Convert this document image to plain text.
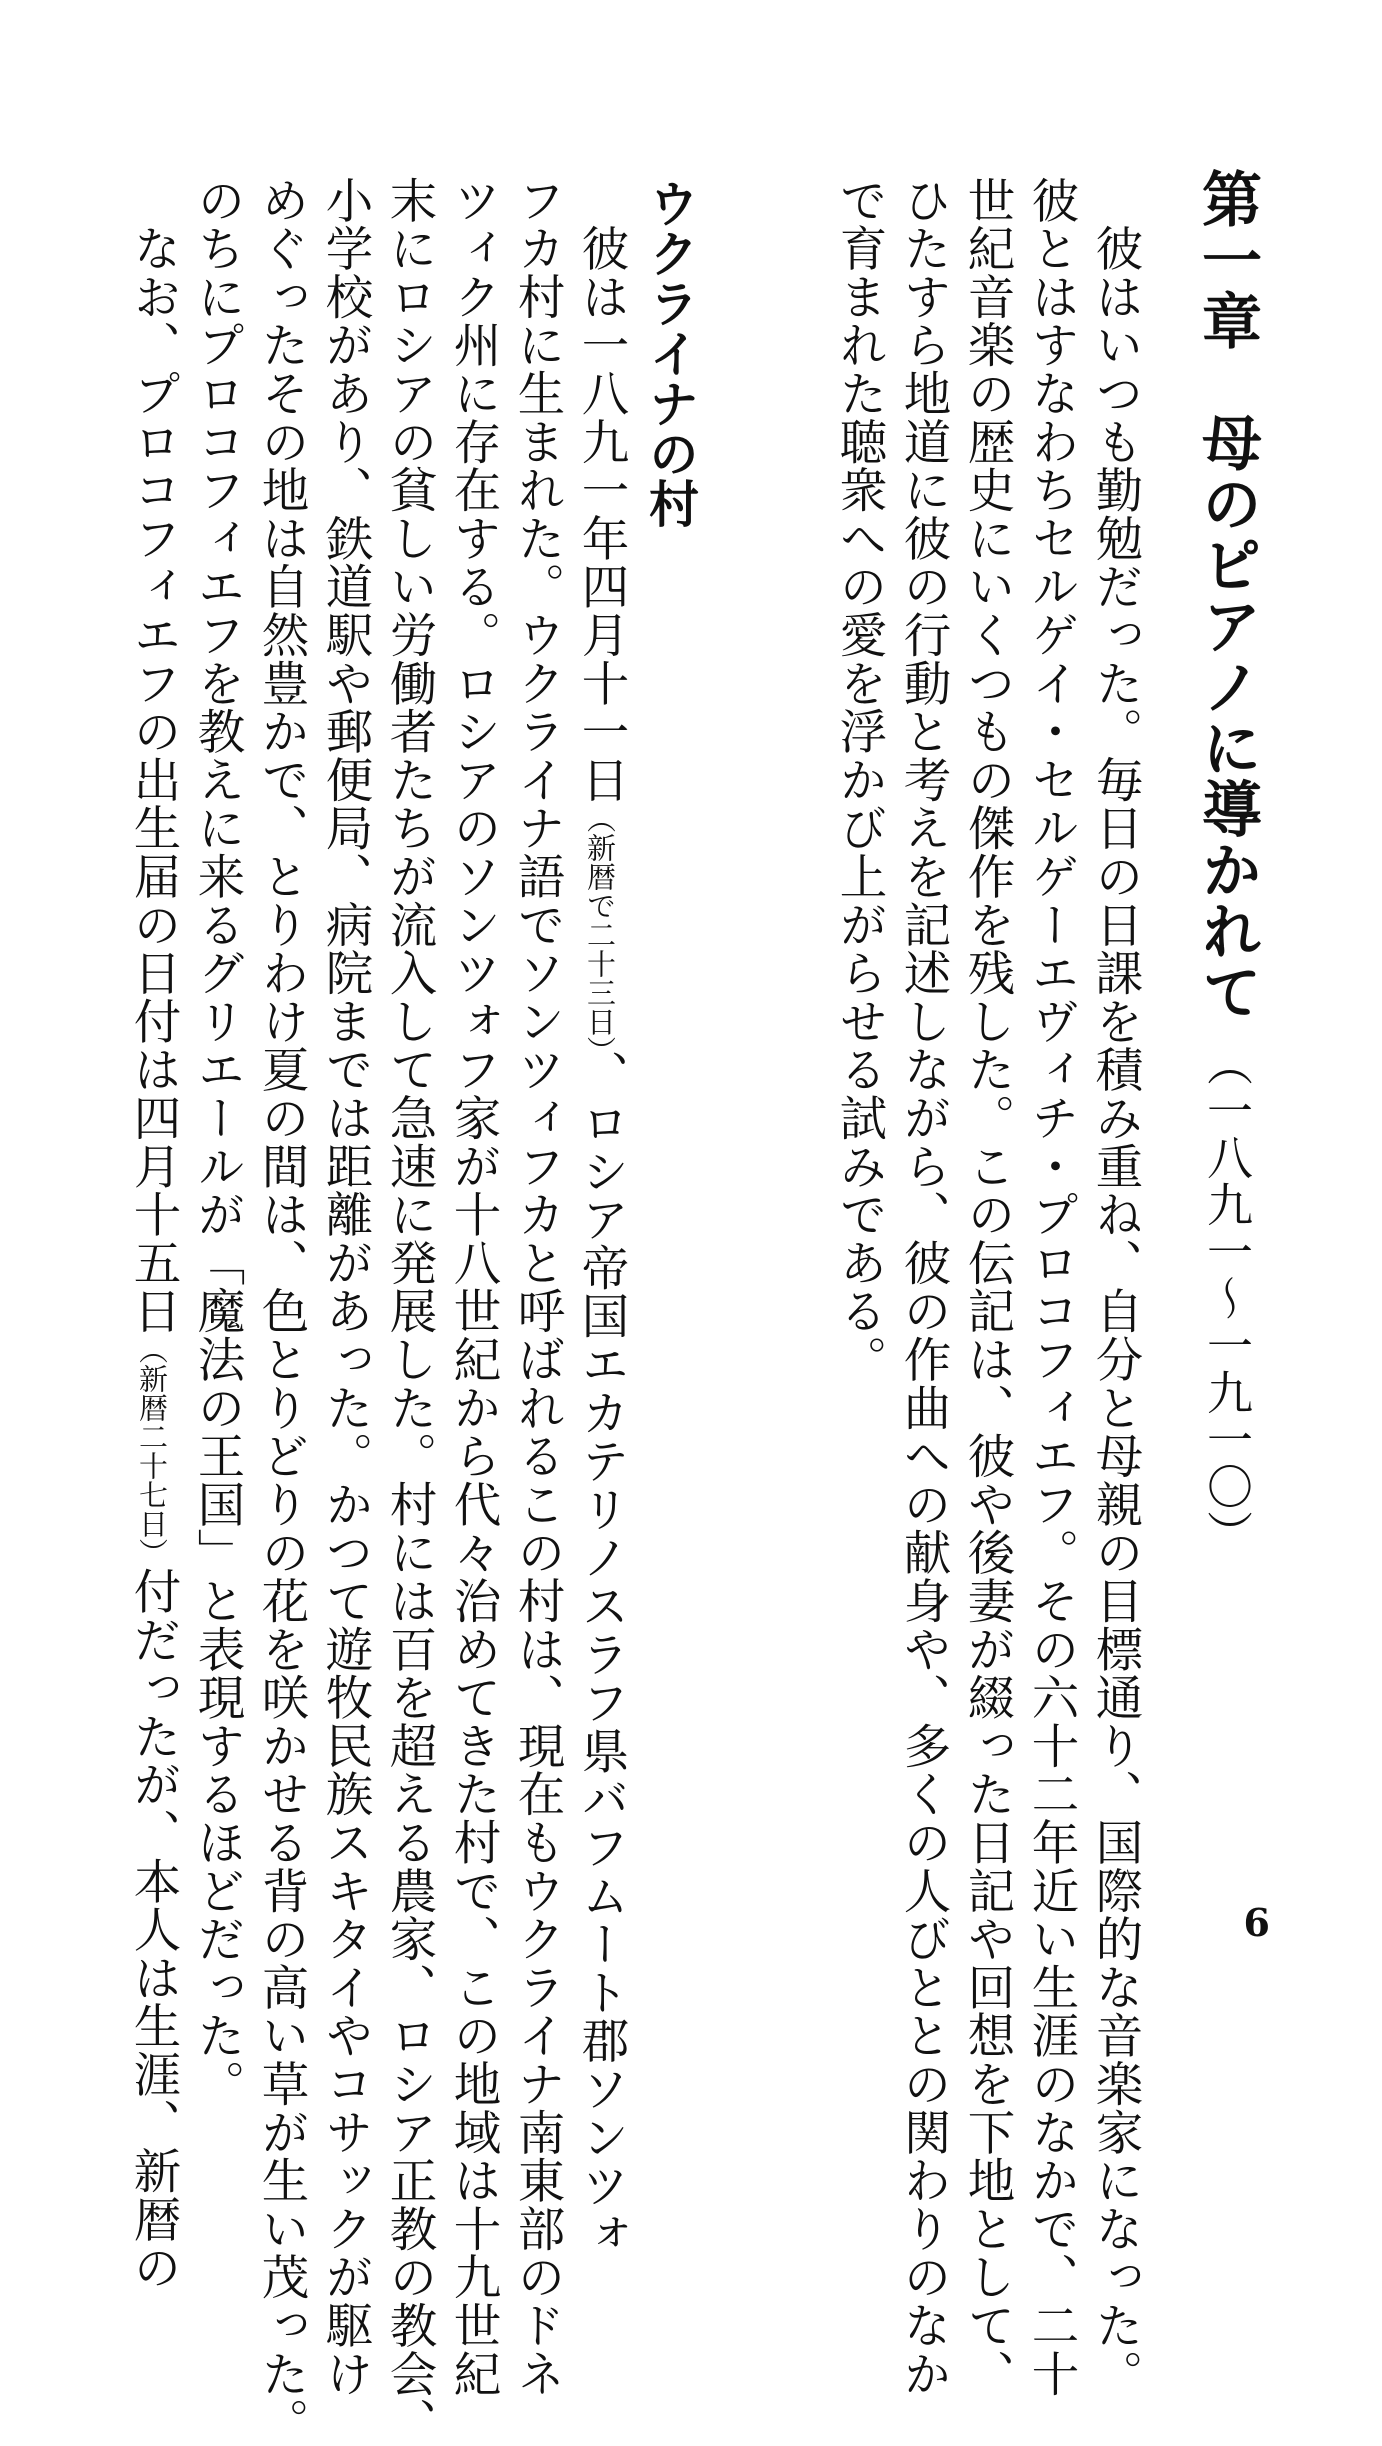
第一章　母のピアノに導かれて（一八九一〜一九一〇）
　彼はいつも勤勉だった。毎日の日課を積み重ね、自分と母親の目標通り、国際的な音楽家になった。
彼とはすなわちセルゲイ・セルゲーエヴィチ・プロコフィエフ。その六十二年近い生涯のなかで、二十
世紀音楽の歴史にいくつもの傑作を残した。この伝記は、彼や後妻が綴った日記や回想を下地として、
ひたすら地道に彼の行動と考えを記述しながら、彼の作曲への献身や、多くの人びととの関わりのなか
で育まれた聴衆への愛を浮かび上がらせる試みである。
ウクライナの村
　彼は一八九一年四月十一日（新暦で二十三日）、ロシア帝国エカテリノスラフ県バフムート郡ソンツォ
フカ村に生まれた。ウクライナ語でソンツィフカと呼ばれるこの村は、現在もウクライナ南東部のドネ
ツィク州に存在する。ロシアのソンツォフ家が十八世紀から代々治めてきた村で、この地域は十九世紀
末にロシアの貧しい労働者たちが流入して急速に発展した。村には百を超える農家、ロシア正教の教会、
小学校があり、鉄道駅や郵便局、病院までは距離があった。かつて遊牧民族スキタイやコサックが駆け
めぐったその地は自然豊かで、とりわけ夏の間は、色とりどりの花を咲かせる背の高い草が生い茂った。
のちにプロコフィエフを教えに来るグリエールが「魔法の王国」と表現するほどだった。
　なお、プロコフィエフの出生届の日付は四月十五日（新暦二十七日）付だったが、本人は生涯、新暦の	6
